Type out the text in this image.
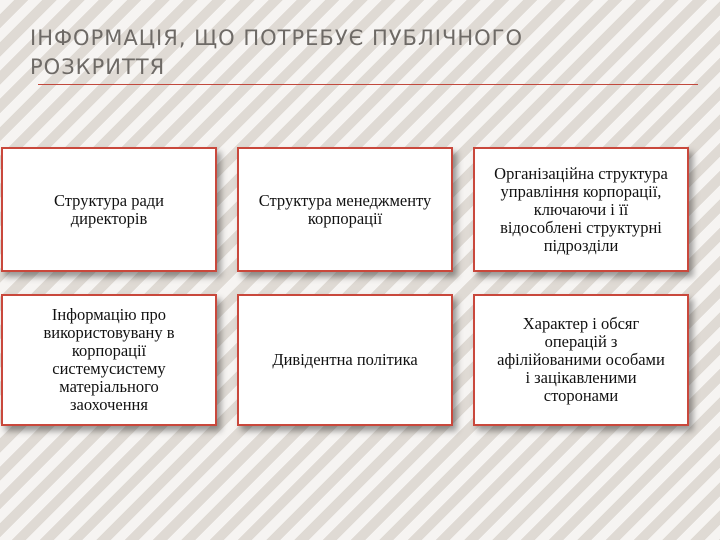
ІНФОРМАЦІЯ, ЩО ПОТРЕБУЄ ПУБЛІЧНОГО РОЗКРИТТЯ
Структура ради
директорів
Структура менеджменту
корпорації
Організаційна структура
управління корпорації,
ключаючи і її
відособлені структурні
підрозділи
Інформацію про
використовувану в
корпорації
системусистему
матеріального
заохочення
Дивідентна політика
Характер і обсяг
операцій з
афілійованими особами
і зацікавленими
сторонами
